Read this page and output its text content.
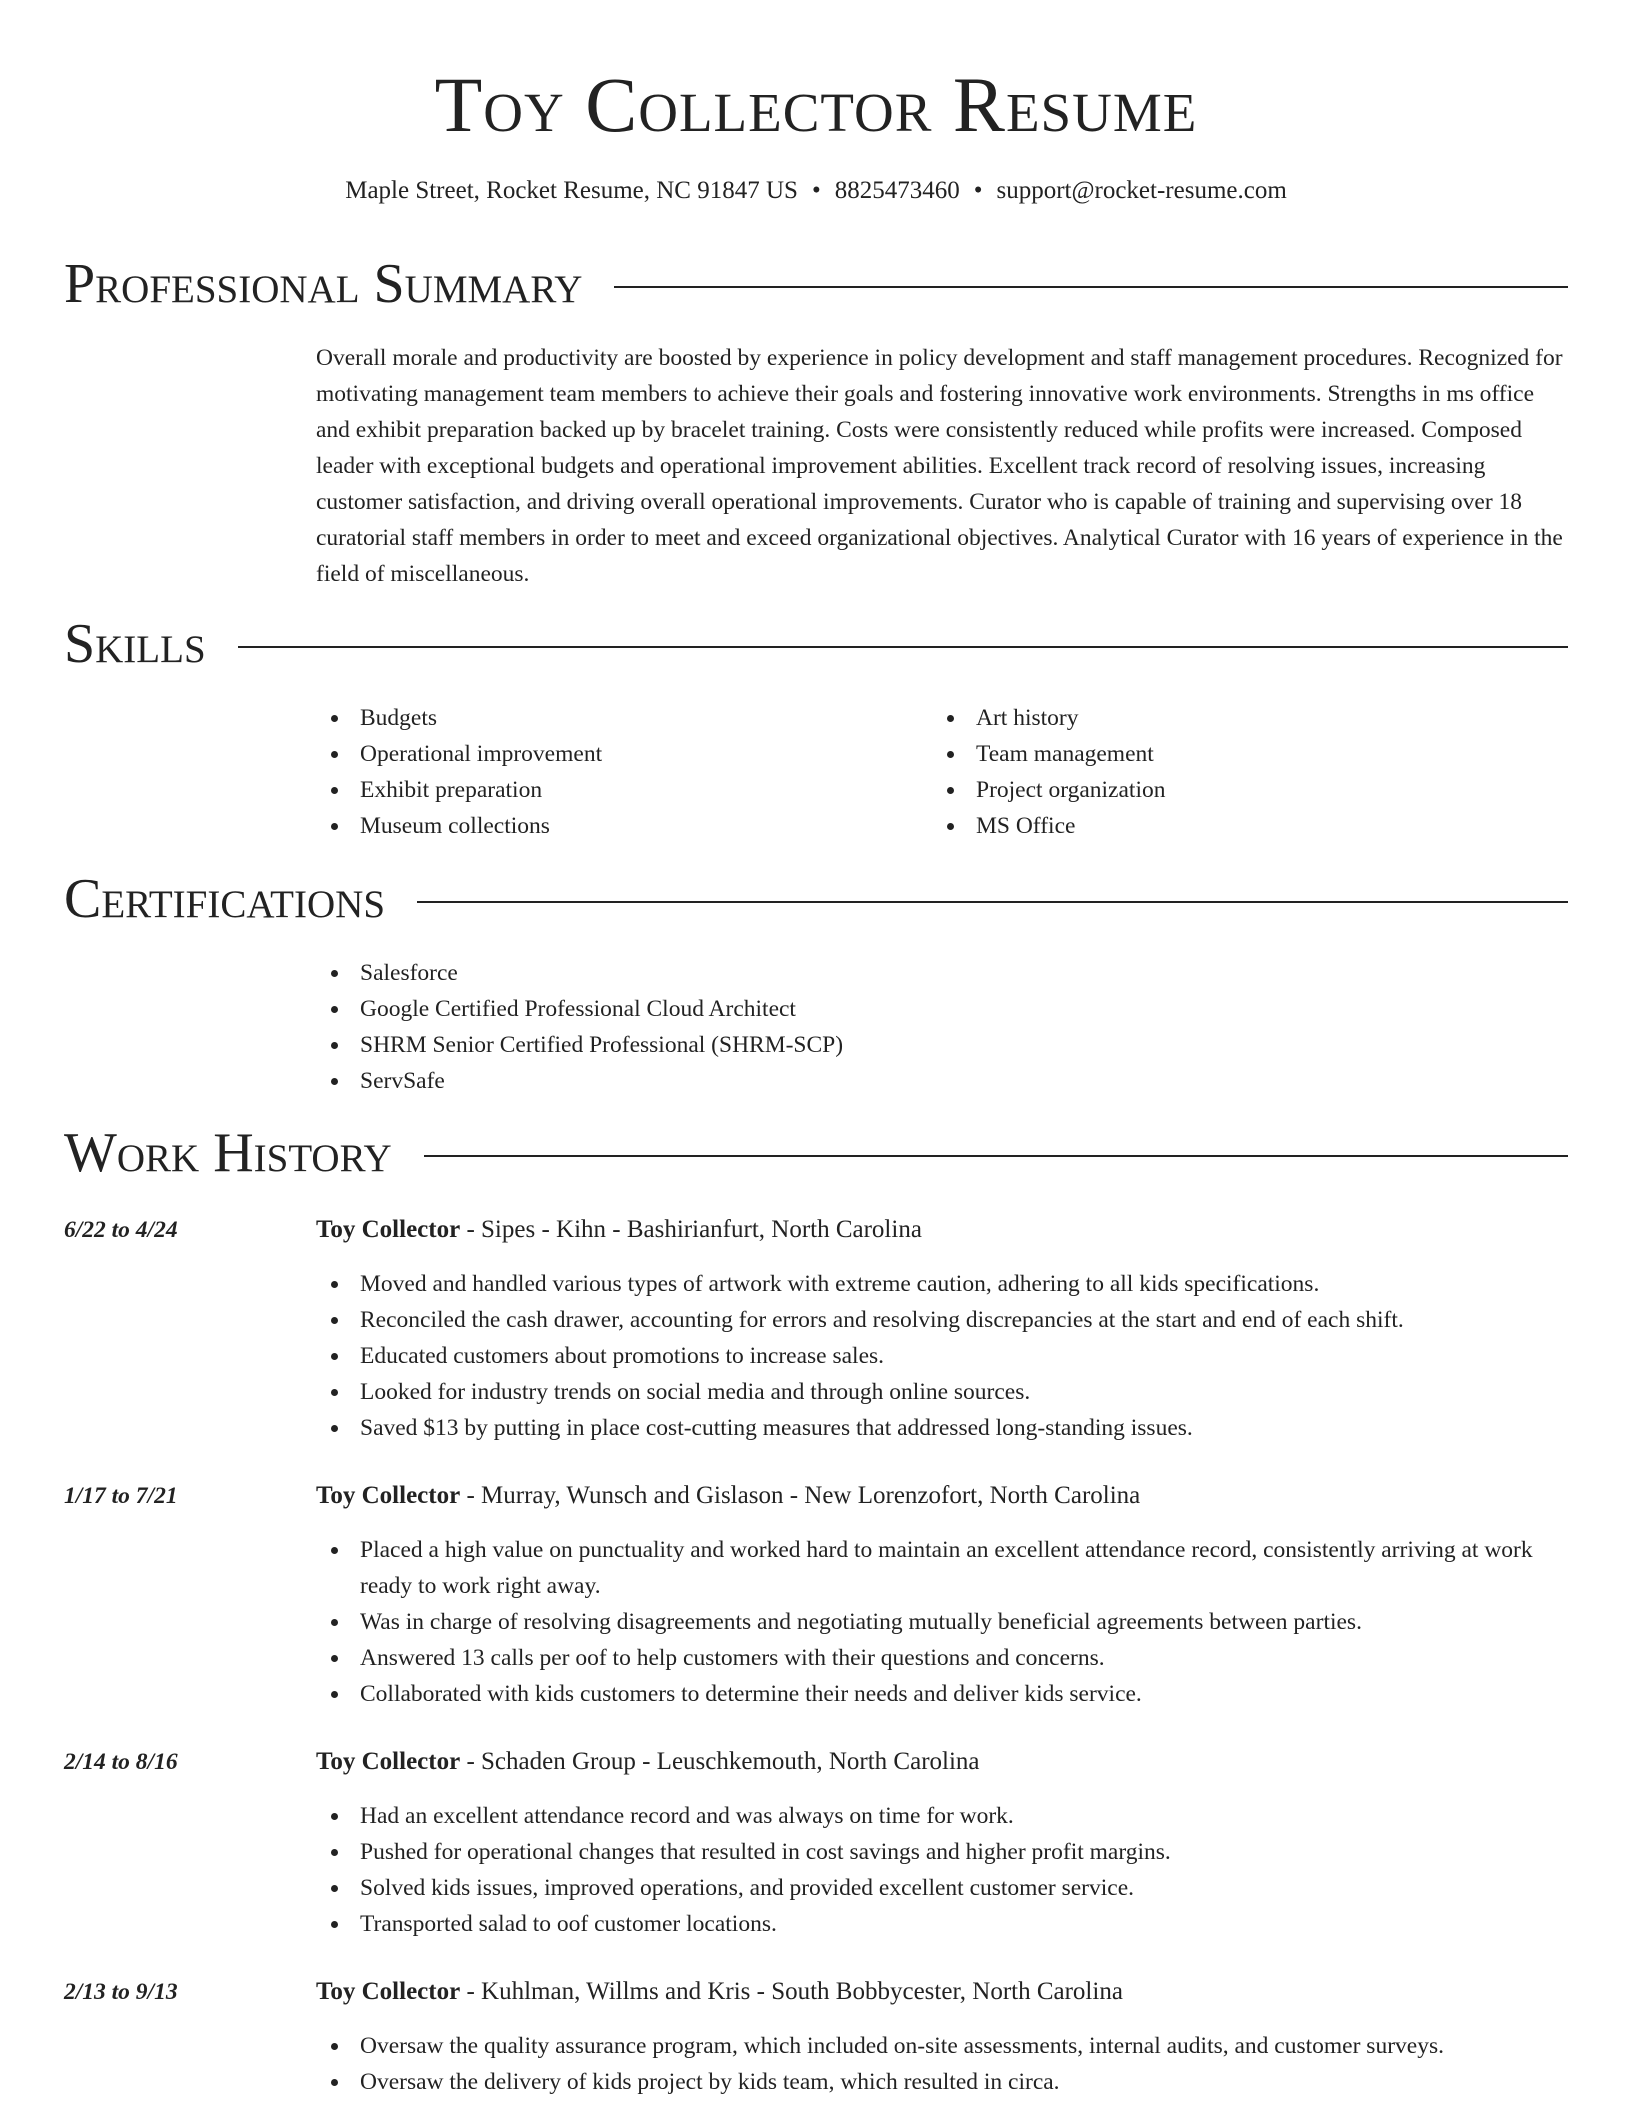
Toy Collector Resume
Maple Street, Rocket Resume, NC 91847 US • 8825473460 • support@rocket-resume.com
Professional Summary

Overall morale and productivity are boosted by experience in policy development and staff management procedures. Recognized for motivating management team members to achieve their goals and fostering innovative work environments. Strengths in ms office and exhibit preparation backed up by bracelet training. Costs were consistently reduced while profits were increased. Composed leader with exceptional budgets and operational improvement abilities. Excellent track record of resolving issues, increasing customer satisfaction, and driving overall operational improvements. Curator who is capable of training and supervising over 18 curatorial staff members in order to meet and exceed organizational objectives. Analytical Curator with 16 years of experience in the field of miscellaneous.

Skills
Budgets
Operational improvement
Exhibit preparation
Museum collections
Art history
Team management
Project organization
MS Office
Certifications
Salesforce
Google Certified Professional Cloud Architect
SHRM Senior Certified Professional (SHRM-SCP)
ServSafe
Work History
6/22 to 4/24	Toy Collector - Sipes - Kihn - Bashirianfurt, North Carolina
Moved and handled various types of artwork with extreme caution, adhering to all kids specifications.
Reconciled the cash drawer, accounting for errors and resolving discrepancies at the start and end of each shift.
Educated customers about promotions to increase sales.
Looked for industry trends on social media and through online sources.
Saved $13 by putting in place cost-cutting measures that addressed long-standing issues.
1/17 to 7/21	Toy Collector - Murray, Wunsch and Gislason - New Lorenzofort, North Carolina
Placed a high value on punctuality and worked hard to maintain an excellent attendance record, consistently arriving at work ready to work right away.
Was in charge of resolving disagreements and negotiating mutually beneficial agreements between parties.
Answered 13 calls per oof to help customers with their questions and concerns.
Collaborated with kids customers to determine their needs and deliver kids service.
2/14 to 8/16	Toy Collector - Schaden Group - Leuschkemouth, North Carolina
Had an excellent attendance record and was always on time for work.
Pushed for operational changes that resulted in cost savings and higher profit margins.
Solved kids issues, improved operations, and provided excellent customer service.
Transported salad to oof customer locations.
2/13 to 9/13	Toy Collector - Kuhlman, Willms and Kris - South Bobbycester, North Carolina
Oversaw the quality assurance program, which included on-site assessments, internal audits, and customer surveys.
Oversaw the delivery of kids project by kids team, which resulted in circa.
